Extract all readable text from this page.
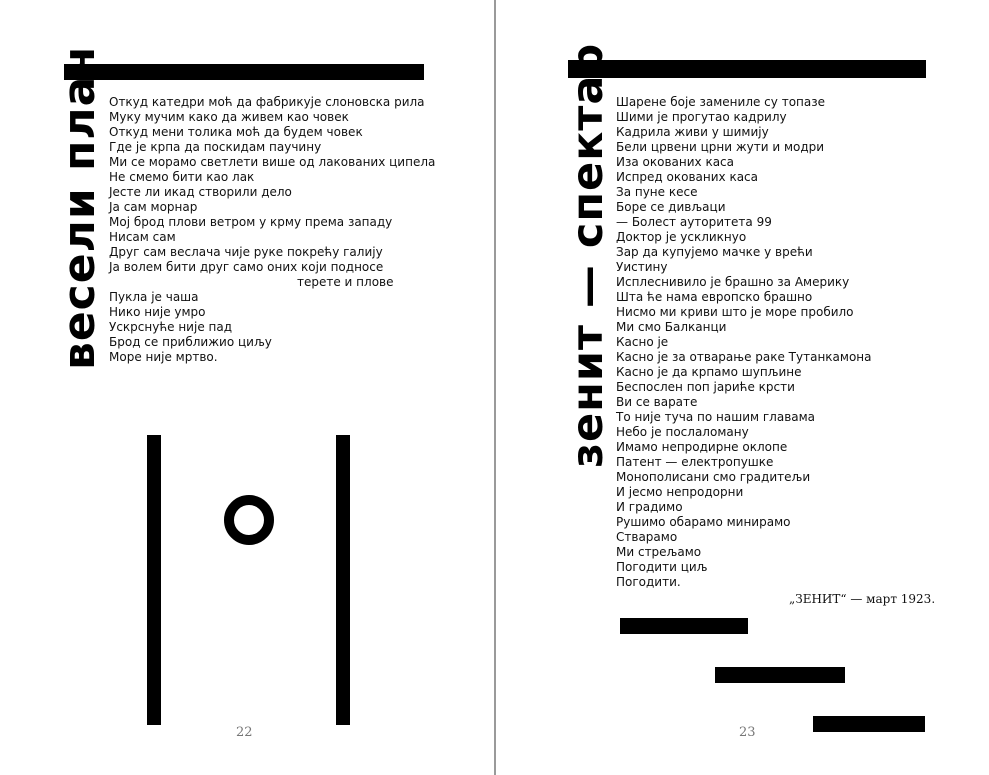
весели плач Откуд катедри моћ да фабрикује слоновска рила
Муку мучим како да живем као човек
Откуд мени толика моћ да будем човек
Где је крпа да поскидам паучину
Ми се морамо светлети више од лакованих ципела
Не смемо бити као лак
Јесте ли икад створили дело
Ја сам морнар
Мој брод плови ветром у крму према западу
Нисам сам
Друг сам веслача чије руке покрећу галију
Ја волем бити друг само оних који подносе
терете и плове
Пукла је чаша
Нико није умро
Ускрснуће није пад
Брод се приближио циљу
Море није мртво.
22
зенит — спектар Шарене боје замениле су топазе
Шими је прогутао кадрилу
Кадрила живи у шимију
Бели црвени црни жути и модри
Иза окованих каса
Испред окованих каса
За пуне кесе
Боре се дивљаци
— Болест ауторитета 99
Доктор је ускликнуо
Зар да купујемо мачке у врећи
Уистину
Исплеснивило је брашно за Америку
Шта ће нама европско брашно
Нисмо ми криви што је море пробило
Ми смо Балканци
Касно је
Касно је за отварање раке Тутанкамона
Касно је да крпамо шупљине
Беспослен поп јариће крсти
Ви се варате
То није туча по нашим главама
Небо је послаломану
Имамо непродирне оклопе
Патент — електропушке
Монополисани смо градитељи
И јесмо непродорни
И градимо
Рушимо обарамо минирамо
Стварамо
Ми стрељамо
Погодити циљ
Погодити.
„ЗЕНИТ“ — март 1923.
23
